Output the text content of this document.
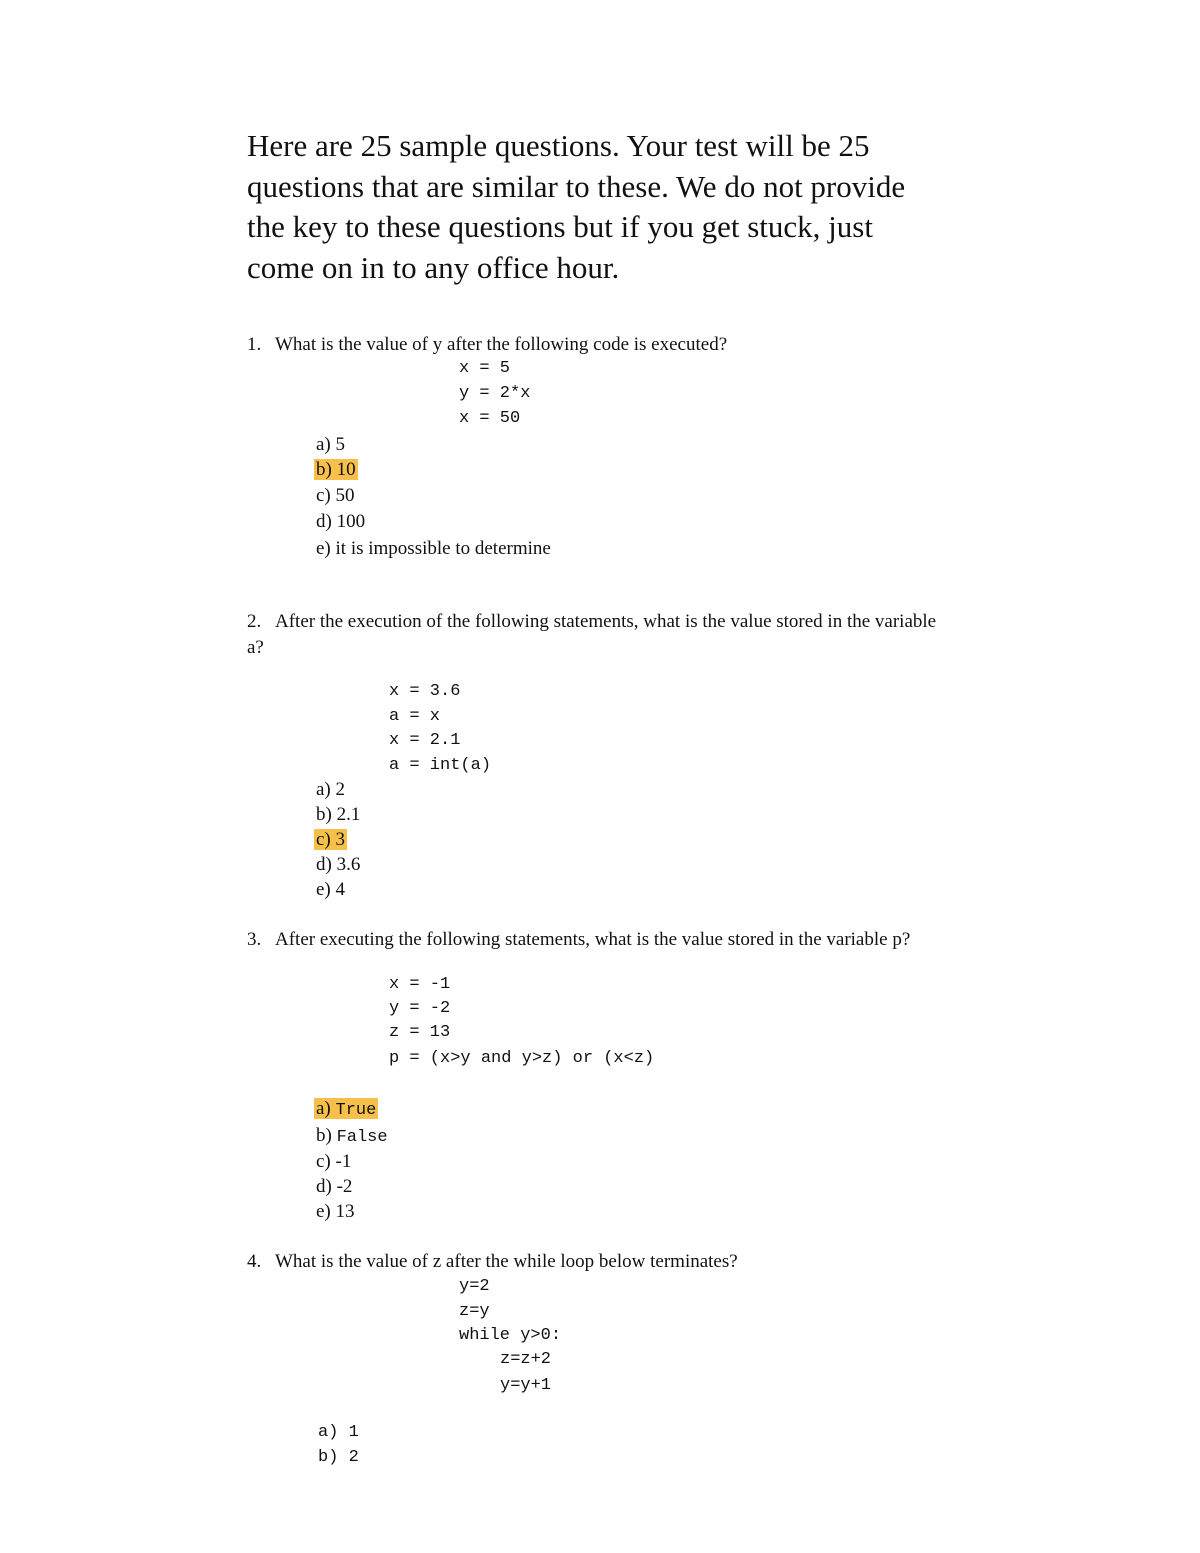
Here are 25 sample questions. Your test will be 25
questions that are similar to these. We do not provide
the key to these questions but if you get stuck, just
come on in to any office hour.
1. What is the value of y after the following code is executed?
x = 5
y = 2*x
x = 50
a) 5
b) 10
c) 50
d) 100
e) it is impossible to determine
2. After the execution of the following statements, what is the value stored in the variable
a?
x = 3.6
a = x
x = 2.1
a = int(a)
a) 2
b) 2.1
c) 3
d) 3.6
e) 4
3. After executing the following statements, what is the value stored in the variable p?
x = -1
y = -2
z = 13
p = (x>y and y>z) or (x<z)
a) True
b) False
c) -1
d) -2
e) 13
4. What is the value of z after the while loop below terminates?
y=2
z=y
while y>0:
z=z+2
y=y+1
a) 1
b) 2
